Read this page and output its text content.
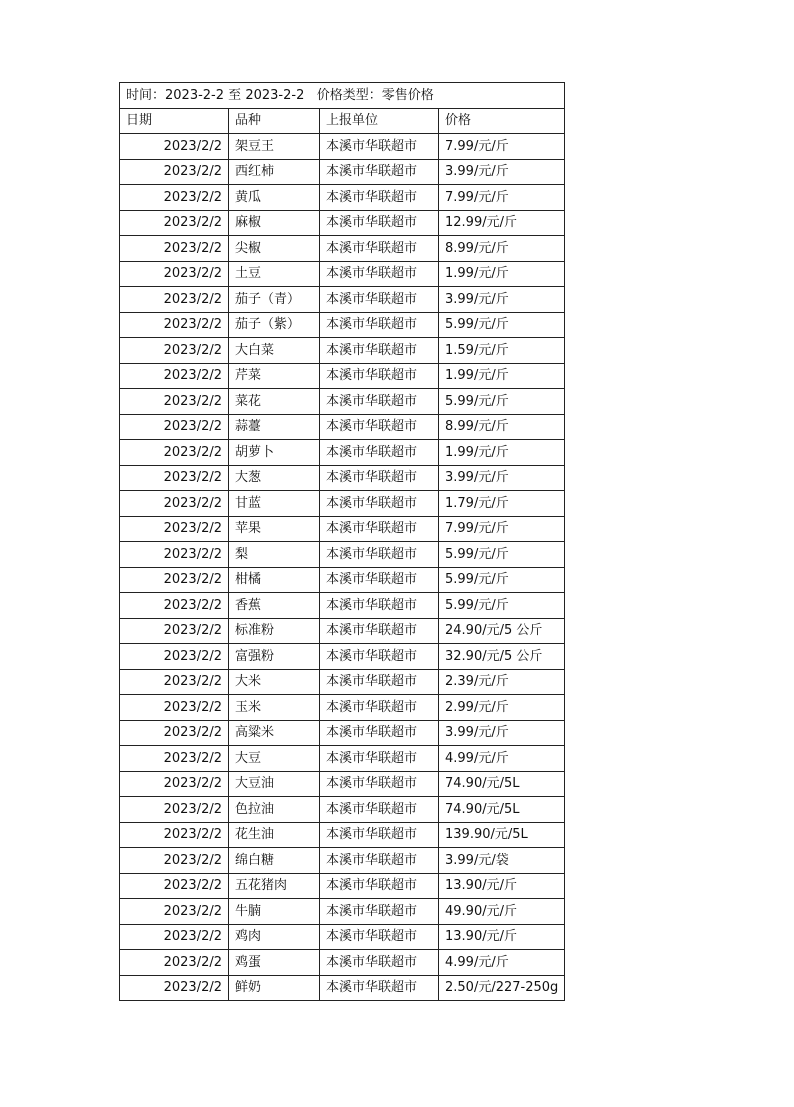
时间：2023-2-2 至 2023-2-2 价格类型：零售价格			
日期	品种	上报单位	价格
2023/2/2	架豆王	本溪市华联超市	7.99/元/斤
2023/2/2	西红柿	本溪市华联超市	3.99/元/斤
2023/2/2	黄瓜	本溪市华联超市	7.99/元/斤
2023/2/2	麻椒	本溪市华联超市	12.99/元/斤
2023/2/2	尖椒	本溪市华联超市	8.99/元/斤
2023/2/2	土豆	本溪市华联超市	1.99/元/斤
2023/2/2	茄子（青）	本溪市华联超市	3.99/元/斤
2023/2/2	茄子（紫）	本溪市华联超市	5.99/元/斤
2023/2/2	大白菜	本溪市华联超市	1.59/元/斤
2023/2/2	芹菜	本溪市华联超市	1.99/元/斤
2023/2/2	菜花	本溪市华联超市	5.99/元/斤
2023/2/2	蒜薹	本溪市华联超市	8.99/元/斤
2023/2/2	胡萝卜	本溪市华联超市	1.99/元/斤
2023/2/2	大葱	本溪市华联超市	3.99/元/斤
2023/2/2	甘蓝	本溪市华联超市	1.79/元/斤
2023/2/2	苹果	本溪市华联超市	7.99/元/斤
2023/2/2	梨	本溪市华联超市	5.99/元/斤
2023/2/2	柑橘	本溪市华联超市	5.99/元/斤
2023/2/2	香蕉	本溪市华联超市	5.99/元/斤
2023/2/2	标准粉	本溪市华联超市	24.90/元/5 公斤
2023/2/2	富强粉	本溪市华联超市	32.90/元/5 公斤
2023/2/2	大米	本溪市华联超市	2.39/元/斤
2023/2/2	玉米	本溪市华联超市	2.99/元/斤
2023/2/2	高粱米	本溪市华联超市	3.99/元/斤
2023/2/2	大豆	本溪市华联超市	4.99/元/斤
2023/2/2	大豆油	本溪市华联超市	74.90/元/5L
2023/2/2	色拉油	本溪市华联超市	74.90/元/5L
2023/2/2	花生油	本溪市华联超市	139.90/元/5L
2023/2/2	绵白糖	本溪市华联超市	3.99/元/袋
2023/2/2	五花猪肉	本溪市华联超市	13.90/元/斤
2023/2/2	牛腩	本溪市华联超市	49.90/元/斤
2023/2/2	鸡肉	本溪市华联超市	13.90/元/斤
2023/2/2	鸡蛋	本溪市华联超市	4.99/元/斤
2023/2/2	鲜奶	本溪市华联超市	2.50/元/227-250g
